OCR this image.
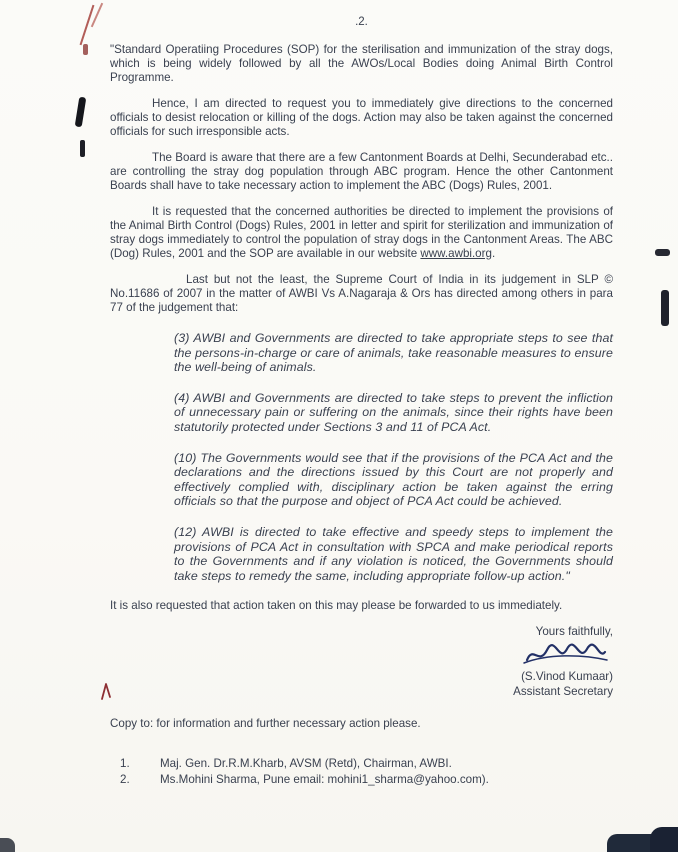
.2.

"Standard Operatiing Procedures (SOP) for the sterilisation and immunization of the stray dogs, which is being widely followed by all the AWOs/Local Bodies doing Animal Birth Control Programme.

Hence, I am directed to request you to immediately give directions to the concerned officials to desist relocation or killing of the dogs. Action may also be taken against the concerned officials for such irresponsible acts.

The Board is aware that there are a few Cantonment Boards at Delhi, Secunderabad etc.. are controlling the stray dog population through ABC program. Hence the other Cantonment Boards shall have to take necessary action to implement the ABC (Dogs) Rules, 2001.

It is requested that the concerned authorities be directed to implement the provisions of the Animal Birth Control (Dogs) Rules, 2001 in letter and spirit for sterilization and immunization of stray dogs immediately to control the population of stray dogs in the Cantonment Areas. The ABC (Dog) Rules, 2001 and the SOP are available in our website www.awbi.org.

Last but not the least, the Supreme Court of India in its judgement in SLP © No.11686 of 2007 in the matter of AWBI Vs A.Nagaraja & Ors has directed among others in para 77 of the judgement that:

(3) AWBI and Governments are directed to take appropriate steps to see that the persons-in-charge or care of animals, take reasonable measures to ensure the well-being of animals.

(4) AWBI and Governments are directed to take steps to prevent the infliction of unnecessary pain or suffering on the animals, since their rights have been statutorily protected under Sections 3 and 11 of PCA Act.

(10) The Governments would see that if the provisions of the PCA Act and the declarations and the directions issued by this Court are not properly and effectively complied with, disciplinary action be taken against the erring officials so that the purpose and object of PCA Act could be achieved.

(12) AWBI is directed to take effective and speedy steps to implement the provisions of PCA Act in consultation with SPCA and make periodical reports to the Governments and if any violation is noticed, the Governments should take steps to remedy the same, including appropriate follow-up action."

It is also requested that action taken on this may please be forwarded to us immediately.

Yours faithfully,
(S.Vinod Kumaar)
Assistant Secretary
Copy to: for information and further necessary action please.
1.	Maj. Gen. Dr.R.M.Kharb, AVSM (Retd), Chairman, AWBI.
2.	Ms.Mohini Sharma, Pune email: mohini1_sharma@yahoo.com).
